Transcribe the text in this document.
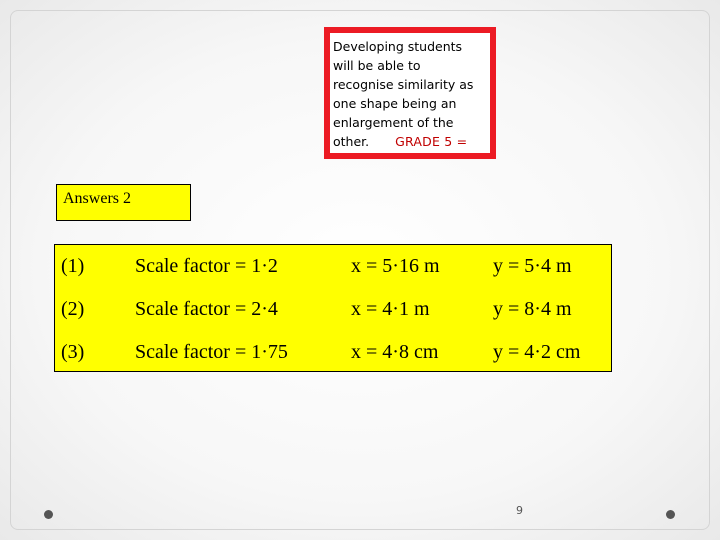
Developing students
will be able to
recognise similarity as
one shape being an
enlargement of the
other. GRADE 5 =
Answers 2
(1)	Scale factor = 1·2	x = 5·16 m	y = 5·4 m
(2)	Scale factor = 2·4	x = 4·1 m	y = 8·4 m
(3)	Scale factor = 1·75	x = 4·8 cm	y = 4·2 cm
9
